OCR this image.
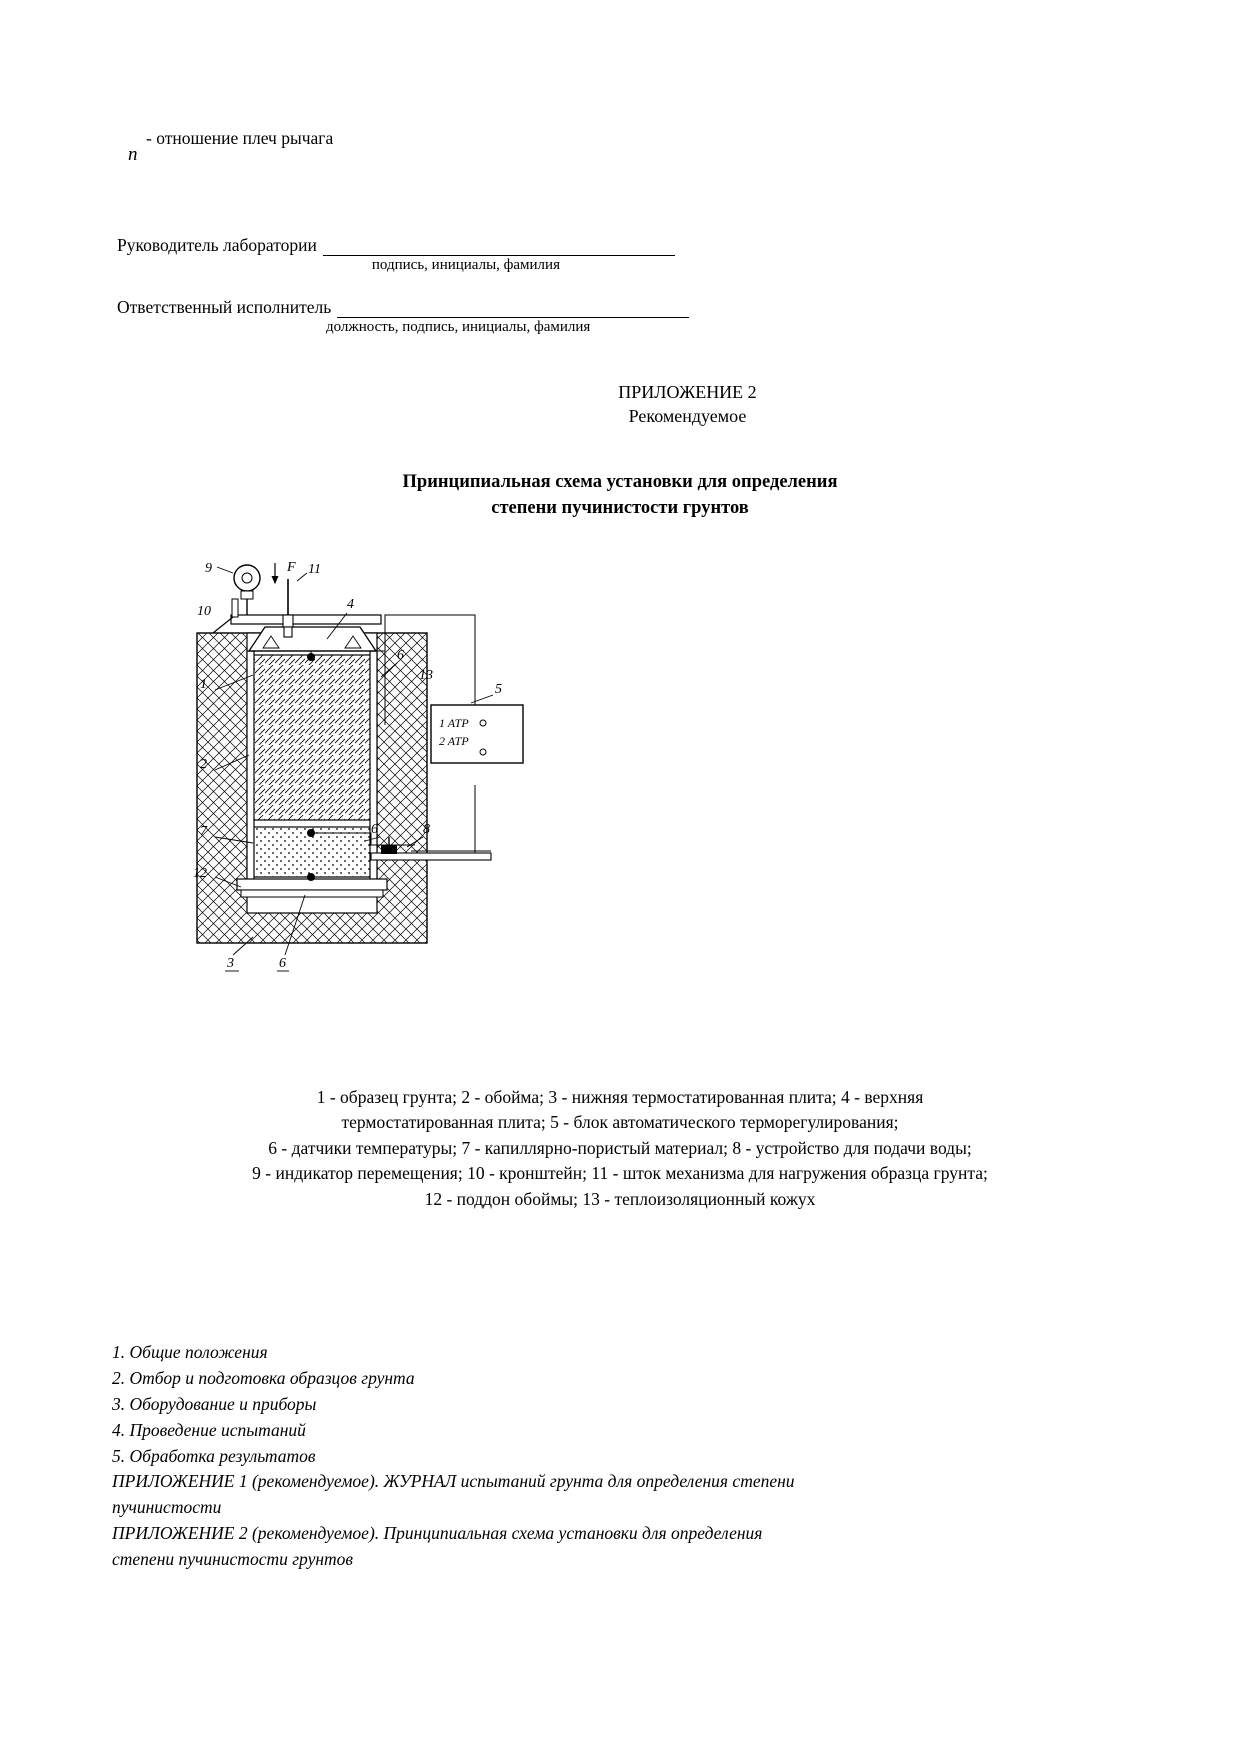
n
- отношение плеч рычага
Руководитель лаборатории
подпись, инициалы, фамилия
Ответственный исполнитель
должность, подпись, инициалы, фамилия
ПРИЛОЖЕНИЕ 2
Рекомендуемое
Принципиальная схема установки для определения
степени пучинистости грунтов
1 ATP
2 ATP
9
10
F 11
4
6
13
1
2
7
12
3	6
8
6
5
1 - образец грунта; 2 - обойма; 3 - нижняя термостатированная плита; 4 - верхняя
термостатированная плита; 5 - блок автоматического терморегулирования;
6 - датчики температуры; 7 - капиллярно-пористый материал; 8 - устройство для подачи воды;
9 - индикатор перемещения; 10 - кронштейн; 11 - шток механизма для нагружения образца грунта;
12 - поддон обоймы; 13 - теплоизоляционный кожух
1. Общие положения
2. Отбор и подготовка образцов грунта
3. Оборудование и приборы
4. Проведение испытаний
5. Обработка результатов
ПРИЛОЖЕНИЕ 1 (рекомендуемое). ЖУРНАЛ испытаний грунта для определения степени пучинистости
ПРИЛОЖЕНИЕ 2 (рекомендуемое). Принципиальная схема установки для определения степени пучинистости грунтов
